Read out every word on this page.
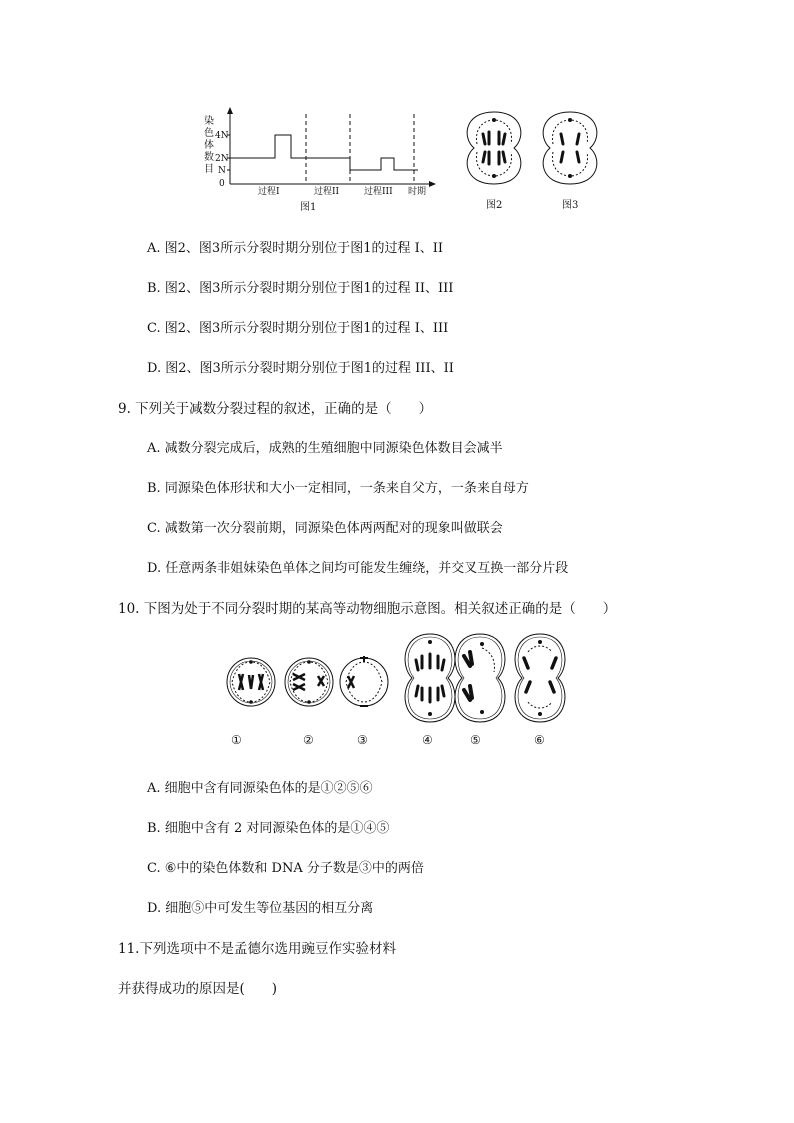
染
色
体
数
目
4N
2N
N
0
过程I	过程II	过程III 时期
图1	图2	图3
A. 图2、图3所示分裂时期分别位于图1的过程 I、II
B. 图2、图3所示分裂时期分别位于图1的过程 II、III
C. 图2、图3所示分裂时期分别位于图1的过程 I、III
D. 图2、图3所示分裂时期分别位于图1的过程 III、II
9. 下列关于减数分裂过程的叙述，正确的是（　　）
A. 减数分裂完成后，成熟的生殖细胞中同源染色体数目会减半
B. 同源染色体形状和大小一定相同，一条来自父方，一条来自母方
C. 减数第一次分裂前期，同源染色体两两配对的现象叫做联会
D. 任意两条非姐妹染色单体之间均可能发生缠绕，并交叉互换一部分片段
10. 下图为处于不同分裂时期的某高等动物细胞示意图。相关叙述正确的是（　　）
①	②	③	④	⑤	⑥
A. 细胞中含有同源染色体的是①②⑤⑥
B. 细胞中含有 2 对同源染色体的是①④⑤
C. ⑥中的染色体数和 DNA 分子数是③中的两倍
D. 细胞⑤中可发生等位基因的相互分离
11.下列选项中不是孟德尔选用豌豆作实验材料
并获得成功的原因是(　　)
